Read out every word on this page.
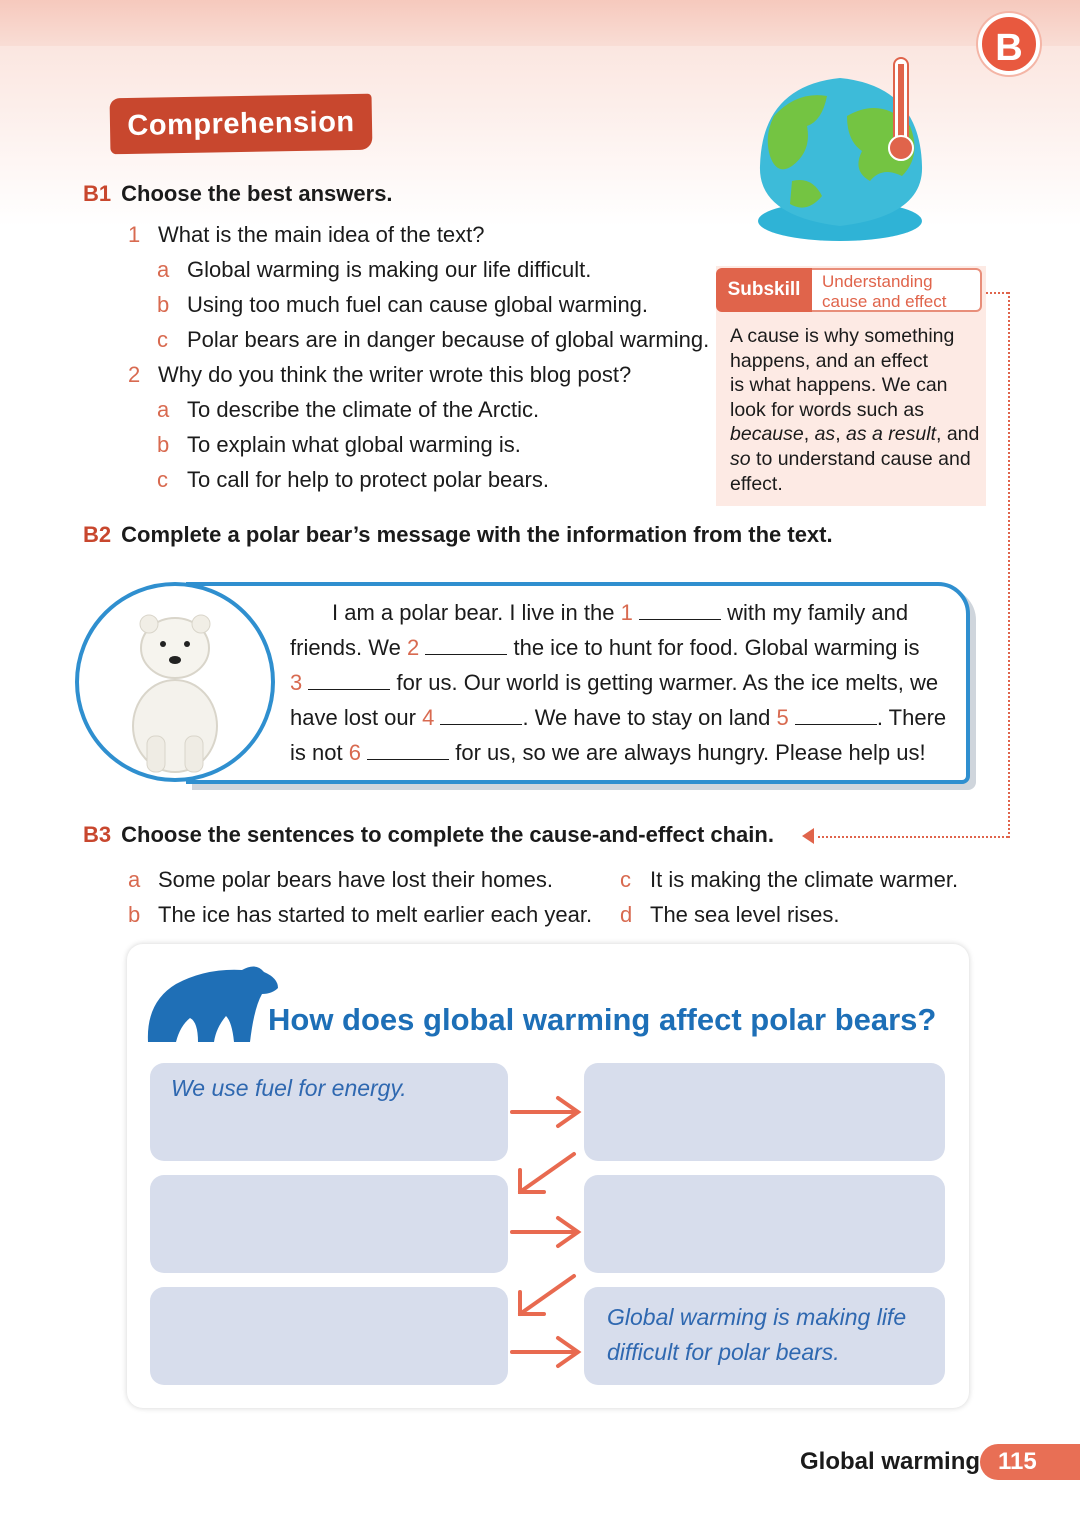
B
Comprehension
B1 Choose the best answers.
1 What is the main idea of the text?
a Global warming is making our life difficult.
b Using too much fuel can cause global warming.
c Polar bears are in danger because of global warming.
2 Why do you think the writer wrote this blog post?
a To describe the climate of the Arctic.
b To explain what global warming is.
c To call for help to protect polar bears.
Subskill	Understanding
cause and effect
A cause is why something
happens, and an effect
is what happens. We can
look for words such as
because, as, as a result, and
so to understand cause and
effect.
B2 Complete a polar bear’s message with the information from the text.
I am a polar bear. I live in the 1	with my family and
friends. We 2	the ice to hunt for food. Global warming is
3	for us. Our world is getting warmer. As the ice melts, we
have lost our 4	. We have to stay on land 5	. There
is not 6	for us, so we are always hungry. Please help us!
B3 Choose the sentences to complete the cause-and-effect chain.
a Some polar bears have lost their homes.
b The ice has started to melt earlier each year.
c It is making the climate warmer.
d The sea level rises.
How does global warming affect polar bears?
We use fuel for energy.
Global warming is making life
difficult for polar bears.
Global warming 115
